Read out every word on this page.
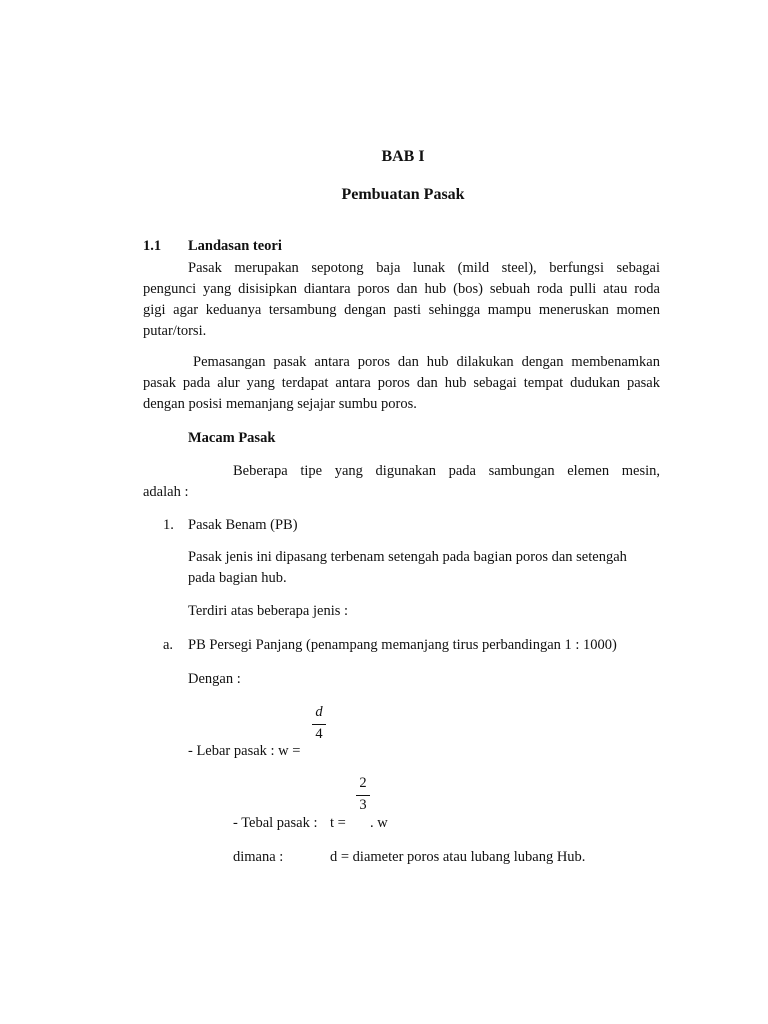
BAB I
Pembuatan Pasak
1.1 Landasan teori
Pasak merupakan sepotong baja lunak (mild steel), berfungsi sebagai
pengunci yang disisipkan diantara poros dan hub (bos) sebuah roda pulli atau roda
gigi agar keduanya tersambung dengan pasti sehingga mampu meneruskan momen
putar/torsi.
Pemasangan pasak antara poros dan hub dilakukan dengan membenamkan
pasak pada alur yang terdapat antara poros dan hub sebagai tempat dudukan pasak
dengan posisi memanjang sejajar sumbu poros.
Macam Pasak
Beberapa tipe yang digunakan pada sambungan elemen mesin,
adalah :
1. Pasak Benam (PB)
Pasak jenis ini dipasang terbenam setengah pada bagian poros dan setengah
pada bagian hub.
Terdiri atas beberapa jenis :
a. PB Persegi Panjang (penampang memanjang tirus perbandingan 1 : 1000)
Dengan :
d
4
- Lebar pasak : w =
2
3
- Tebal pasak : t = . w
dimana :	d = diameter poros atau lubang lubang Hub.
